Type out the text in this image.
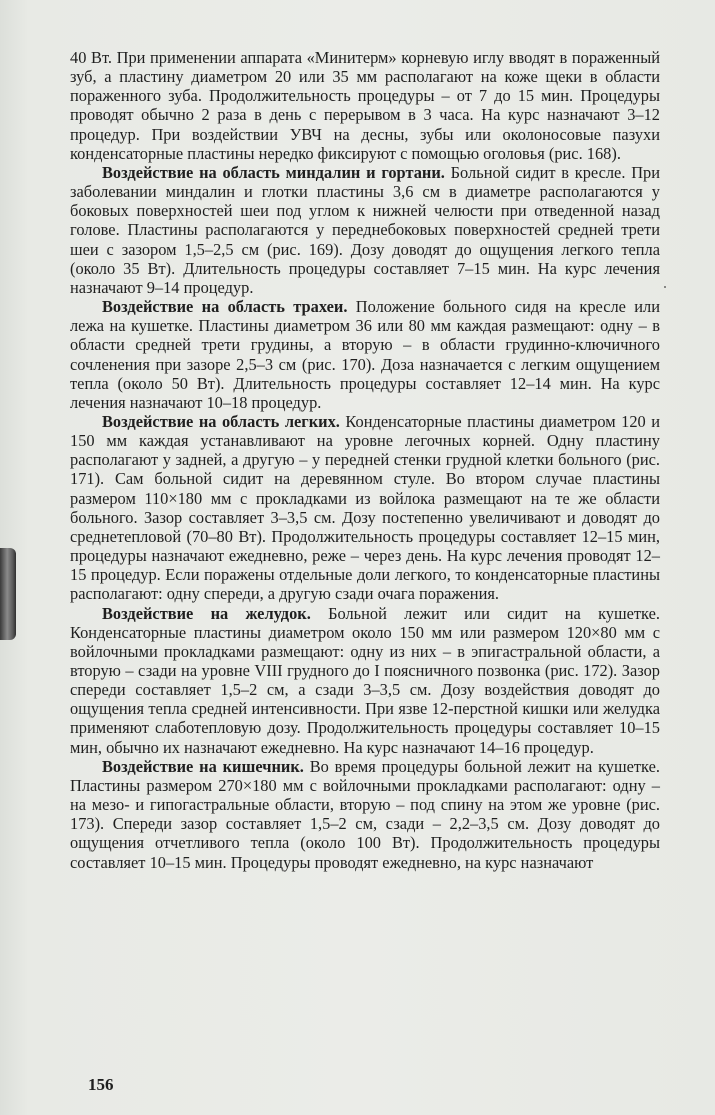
40 Вт. При применении аппарата «Минитерм» корневую иглу вводят в пораженный зуб, а пластину диаметром 20 или 35 мм располагают на коже щеки в области пораженного зуба. Продолжительность процедуры – от 7 до 15 мин. Процедуры проводят обычно 2 раза в день с перерывом в 3 часа. На курс назначают 3–12 процедур. При воздействии УВЧ на десны, зубы или околоносовые пазухи конденсаторные пластины нередко фиксируют с помощью оголовья (рис. 168).

Воздействие на область миндалин и гортани. Больной сидит в кресле. При заболевании миндалин и глотки пластины 3,6 см в диаметре располагаются у боковых поверхностей шеи под углом к нижней челюсти при отведенной назад голове. Пластины располагаются у переднебоковых поверхностей средней трети шеи с зазором 1,5–2,5 см (рис. 169). Дозу доводят до ощущения легкого тепла (около 35 Вт). Длительность процедуры составляет 7–15 мин. На курс лечения назначают 9–14 процедур.

Воздействие на область трахеи. Положение больного сидя на кресле или лежа на кушетке. Пластины диаметром 36 или 80 мм каждая размещают: одну – в области средней трети грудины, а вторую – в области грудинно-ключичного сочленения при зазоре 2,5–3 см (рис. 170). Доза назначается с легким ощущением тепла (около 50 Вт). Длительность процедуры составляет 12–14 мин. На курс лечения назначают 10–18 процедур.

Воздействие на область легких. Конденсаторные пластины диаметром 120 и 150 мм каждая устанавливают на уровне легочных корней. Одну пластину располагают у задней, а другую – у передней стенки грудной клетки больного (рис. 171). Сам больной сидит на деревянном стуле. Во втором случае пластины размером 110×180 мм с прокладками из войлока размещают на те же области больного. Зазор составляет 3–3,5 см. Дозу постепенно увеличивают и доводят до среднетепловой (70–80 Вт). Продолжительность процедуры составляет 12–15 мин, процедуры назначают ежедневно, реже – через день. На курс лечения проводят 12–15 процедур. Если поражены отдельные доли легкого, то конденсаторные пластины располагают: одну спереди, а другую сзади очага поражения.

Воздействие на желудок. Больной лежит или сидит на кушетке. Конденсаторные пластины диаметром около 150 мм или размером 120×80 мм с войлочными прокладками размещают: одну из них – в эпигастральной области, а вторую – сзади на уровне VIII грудного до I поясничного позвонка (рис. 172). Зазор спереди составляет 1,5–2 см, а сзади 3–3,5 см. Дозу воздействия доводят до ощущения тепла средней интенсивности. При язве 12-перстной кишки или желудка применяют слаботепловую дозу. Продолжительность процедуры составляет 10–15 мин, обычно их назначают ежедневно. На курс назначают 14–16 процедур.

Воздействие на кишечник. Во время процедуры больной лежит на кушетке. Пластины размером 270×180 мм с войлочными прокладками располагают: одну – на мезо- и гипогастральные области, вторую – под спину на этом же уровне (рис. 173). Спереди зазор составляет 1,5–2 см, сзади – 2,2–3,5 см. Дозу доводят до ощущения отчетливого тепла (около 100 Вт). Продолжительность процедуры составляет 10–15 мин. Процедуры проводят ежедневно, на курс назначают

156
